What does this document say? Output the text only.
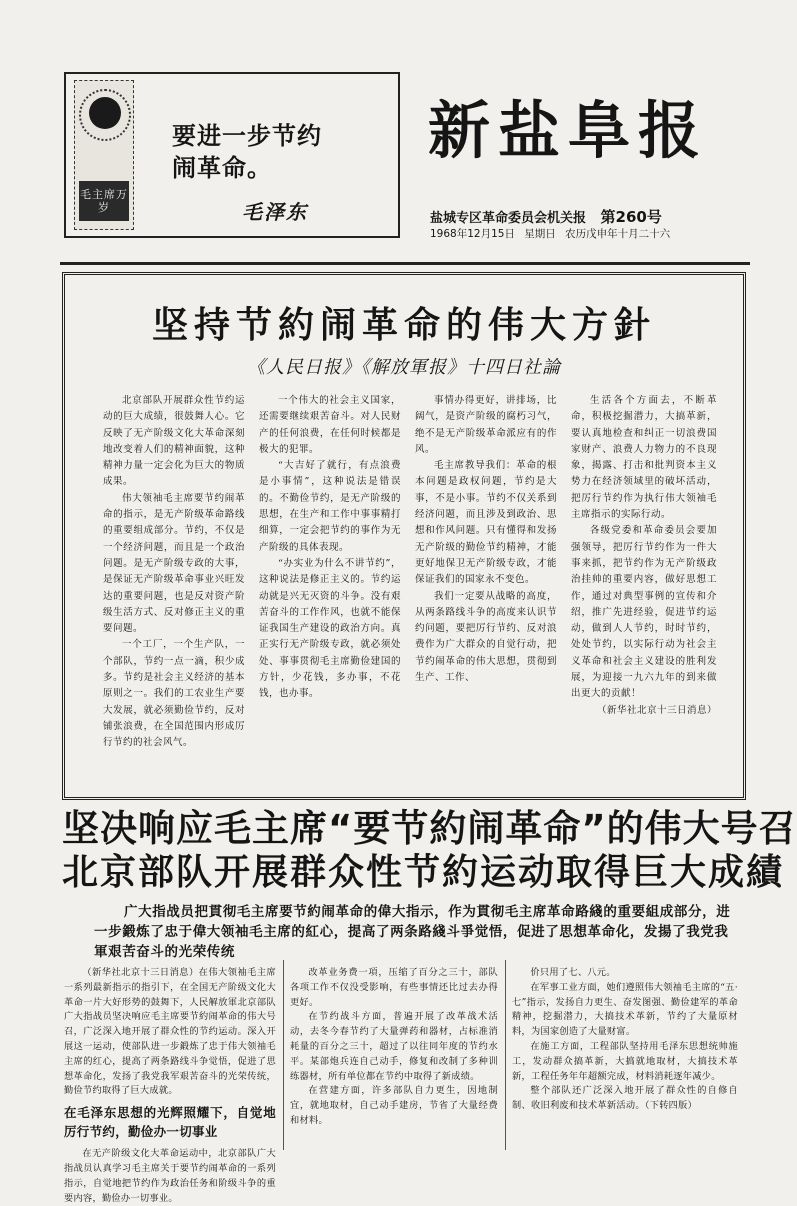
毛主席万岁
要进一步节约
闹革命。
毛泽东
新盐阜报
盐城专区革命委员会机关报 第260号
1968年12月15日 星期日 农历戊申年十月二十六
坚持节約闹革命的伟大方針
《人民日报》《解放軍报》十四日社論

北京部队开展群众性节约运动的巨大成绩，很鼓舞人心。它反映了无产阶级文化大革命深刻地改变着人们的精神面貌，这种精神力量一定会化为巨大的物质成果。

伟大领袖毛主席要节约闹革命的指示，是无产阶级革命路线的重要组成部分。节约，不仅是一个经济问题，而且是一个政治问题。是无产阶级专政的大事，是保证无产阶级革命事业兴旺发达的重要问题，也是反对资产阶级生活方式、反对修正主义的重要问题。

一个工厂，一个生产队，一个部队，节约一点一滴，积少成多。节约是社会主义经济的基本原则之一。我们的工农业生产要大发展，就必须勤俭节约，反对铺张浪费，在全国范围内形成厉行节约的社会风气。

一个伟大的社会主义国家，还需要继续艰苦奋斗。对人民财产的任何浪费，在任何时候都是极大的犯罪。

“大吉好了就行，有点浪费是小事情”，这种说法是错误的。不勤俭节约，是无产阶级的思想，在生产和工作中事事精打细算，一定会把节约的事作为无产阶级的具体表现。

“办实业为什么不讲节约”，这种说法是修正主义的。节约运动就是兴无灭资的斗争。没有艰苦奋斗的工作作风，也就不能保证我国生产建设的政治方向。真正实行无产阶级专政，就必须处处、事事贯彻毛主席勤俭建国的方针，少花钱，多办事，不花钱，也办事。

事情办得更好，讲排场，比阔气，是资产阶级的腐朽习气，绝不是无产阶级革命派应有的作风。

毛主席教导我们：革命的根本问题是政权问题，节约是大事，不是小事。节约不仅关系到经济问题，而且涉及到政治、思想和作风问题。只有懂得和发扬无产阶级的勤俭节约精神，才能更好地保卫无产阶级专政，才能保证我们的国家永不变色。

我们一定要从战略的高度，从两条路线斗争的高度来认识节约问题，要把厉行节约、反对浪费作为广大群众的自觉行动，把节约闹革命的伟大思想，贯彻到生产、工作、

生活各个方面去，不断革命，积极挖掘潜力，大搞革新，要认真地检查和纠正一切浪费国家财产、浪费人力物力的不良现象，揭露、打击和批判资本主义势力在经济领域里的破坏活动，把厉行节约作为执行伟大领袖毛主席指示的实际行动。

各级党委和革命委员会要加强领导，把厉行节约作为一件大事来抓，把节约作为无产阶级政治挂帅的重要内容，做好思想工作，通过对典型事例的宣传和介绍，推广先进经验，促进节约运动，做到人人节约，时时节约，处处节约，以实际行动为社会主义革命和社会主义建设的胜利发展，为迎接一九六九年的到来做出更大的贡献！

（新华社北京十三日消息）

坚决响应毛主席“要节約闹革命”的伟大号召
北京部队开展群众性节約运动取得巨大成績
广大指战员把貫彻毛主席要节約闹革命的偉大指示，作为貫彻毛主席革命路綫的重要組成部分，进
一步鍛炼了忠于偉大领袖毛主席的紅心，提高了两条路綫斗爭觉悟，促进了思想革命化，发揚了我党我
軍艰苦奋斗的光荣传统

（新华社北京十三日消息）在伟大领袖毛主席一系列最新指示的指引下，在全国无产阶级文化大革命一片大好形势的鼓舞下，人民解放軍北京部队广大指战员坚决响应毛主席要节約闹革命的伟大号召，广泛深入地开展了群众性的节约运动。深入开展这一运动，使部队进一步鍛炼了忠于伟大领袖毛主席的红心，提高了两条路线斗争觉悟，促进了思想革命化，发扬了我党我军艰苦奋斗的光荣传统，勤俭节约取得了巨大成就。

在毛泽东思想的光辉照耀下，自觉地厉行节约，勤俭办一切事业

在无产阶级文化大革命运动中，北京部队广大指战员认真学习毛主席关于要节约闹革命的一系列指示，自觉地把节约作为政治任务和阶级斗争的重要内容，勤俭办一切事业。

改革业务费一項，压缩了百分之三十，部队各项工作不仅没受影响，有些事情还比过去办得更好。

在节约战斗方面，普遍开展了改革战术活动，去冬今春节约了大量弹药和器材，占标准消耗量的百分之三十，超过了以往同年度的节约水平。某部炮兵连自己动手，修复和改制了多种训练器材，所有单位都在节约中取得了新成绩。

在营建方面，许多部队自力更生，因地制宜，就地取材，自己动手建房，节省了大量经费和材料。

价只用了七、八元。

在军事工业方面，她们遵照伟大领袖毛主席的“五·七”指示，发扬自力更生、奋发图强、勤俭建军的革命精神，挖掘潜力，大搞技术革新，节约了大量原材料，为国家创造了大量财富。

在施工方面，工程部队坚持用毛泽东思想统帅施工，发动群众搞革新，大搞就地取材，大搞技术革新，工程任务年年超额完成，材料消耗逐年减少。

整个部队还广泛深入地开展了群众性的自修自制、收旧利废和技术革新活动。（下转四版）
